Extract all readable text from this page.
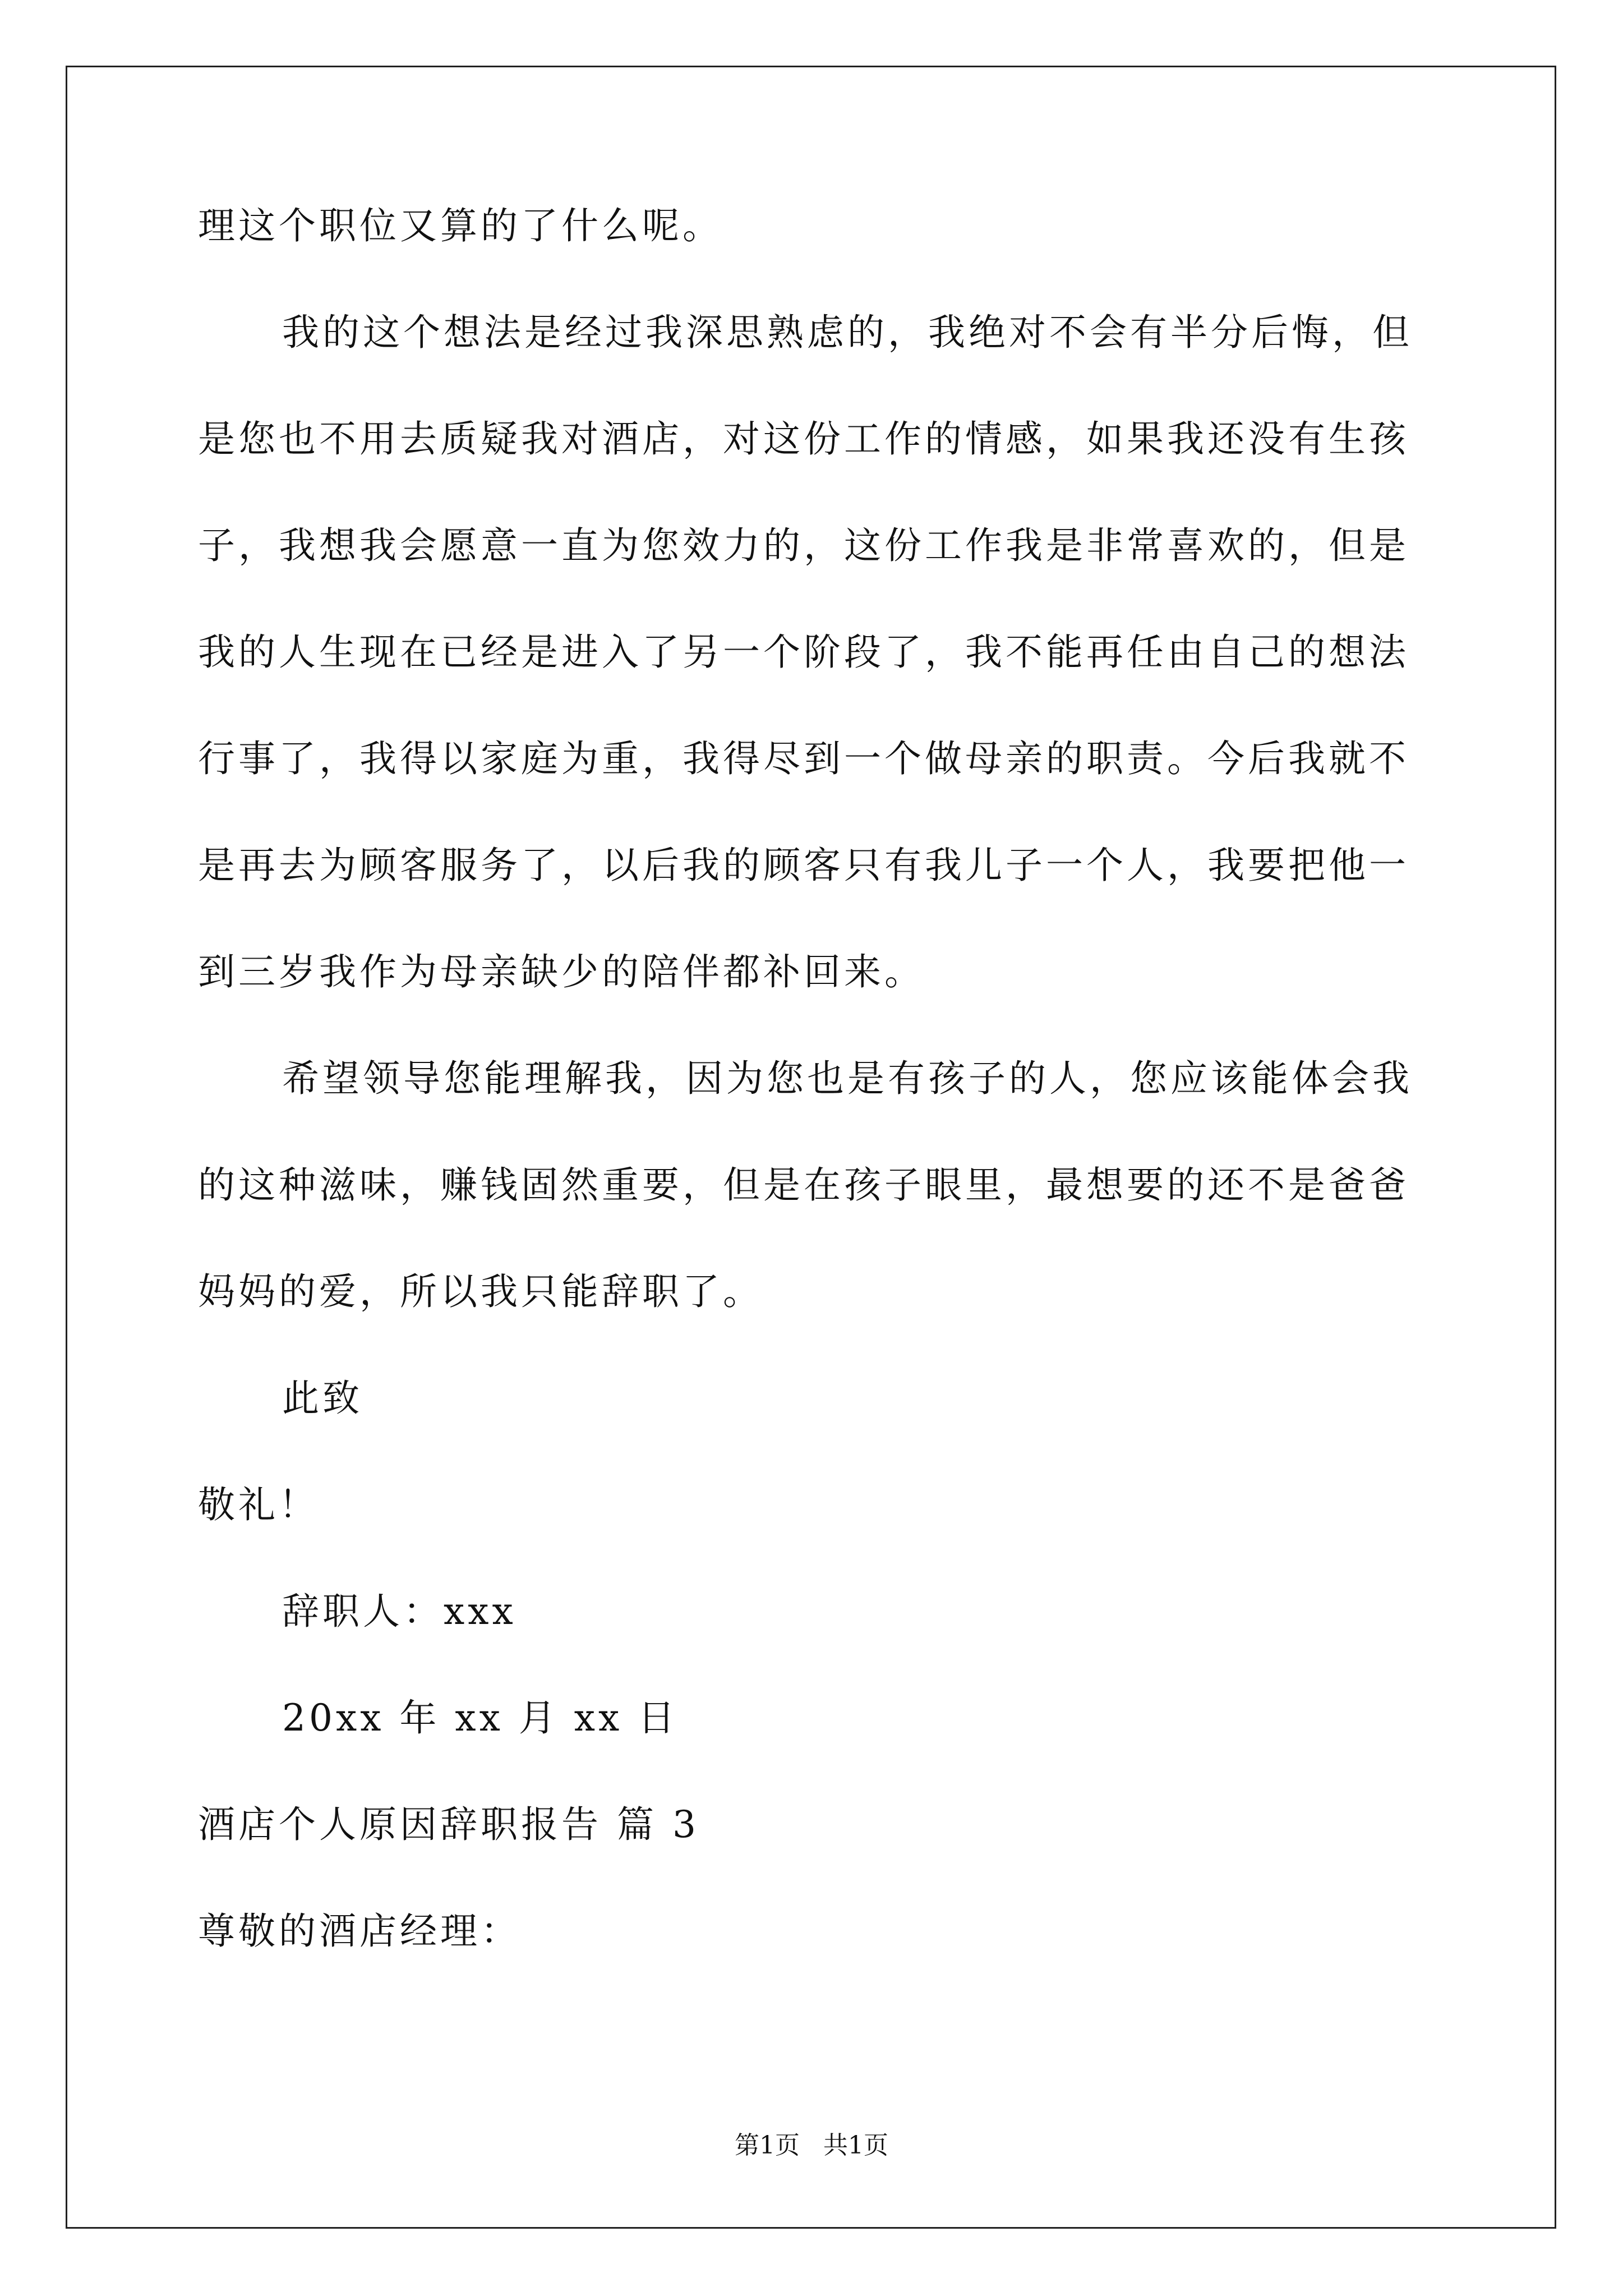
理这个职位又算的了什么呢。
我的这个想法是经过我深思熟虑的，我绝对不会有半分后悔，但
是您也不用去质疑我对酒店，对这份工作的情感，如果我还没有生孩
子，我想我会愿意一直为您效力的，这份工作我是非常喜欢的，但是
我的人生现在已经是进入了另一个阶段了，我不能再任由自己的想法
行事了，我得以家庭为重，我得尽到一个做母亲的职责。今后我就不
是再去为顾客服务了，以后我的顾客只有我儿子一个人，我要把他一
到三岁我作为母亲缺少的陪伴都补回来。
希望领导您能理解我，因为您也是有孩子的人，您应该能体会我
的这种滋味，赚钱固然重要，但是在孩子眼里，最想要的还不是爸爸
妈妈的爱，所以我只能辞职了。
此致
敬礼！
辞职人：xxx
20xx 年 xx 月 xx 日
酒店个人原因辞职报告 篇 3
尊敬的酒店经理：
第1页   共1页
